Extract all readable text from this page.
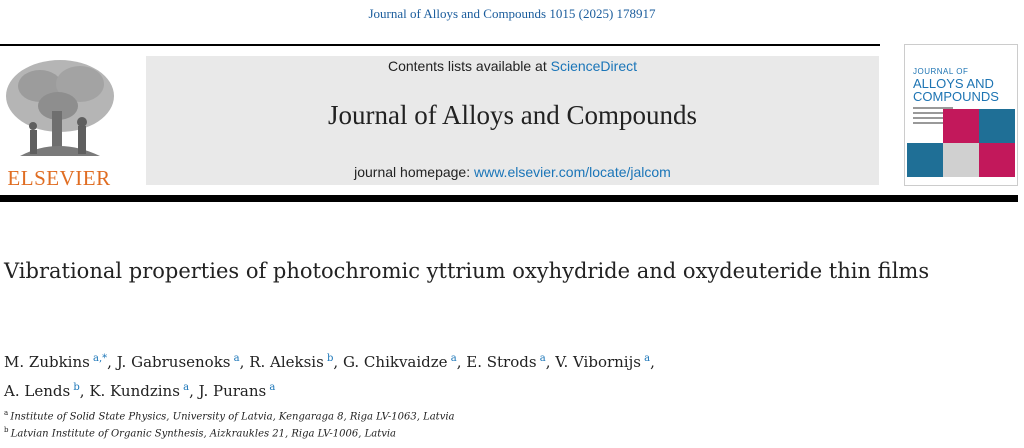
Journal of Alloys and Compounds 1015 (2025) 178917
ELSEVIER
Contents lists available at ScienceDirect
Journal of Alloys and Compounds
journal homepage: www.elsevier.com/locate/jalcom
JOURNAL OF
ALLOYS AND COMPOUNDS
Vibrational properties of photochromic yttrium oxyhydride and oxydeuteride thin films
M. Zubkins $^{a,*}$, J. Gabrusenoks $^a$, R. Aleksis $^b$, G. Chikvaidze $^a$, E. Strods $^a$, V. Vibornijs $^a$,
A. Lends $^b$, K. Kundzins $^a$, J. Purans $^a$
$^a$ Institute of Solid State Physics, University of Latvia, Kengaraga 8, Riga LV-1063, Latvia
$^b$ Latvian Institute of Organic Synthesis, Aizkraukles 21, Riga LV-1006, Latvia
